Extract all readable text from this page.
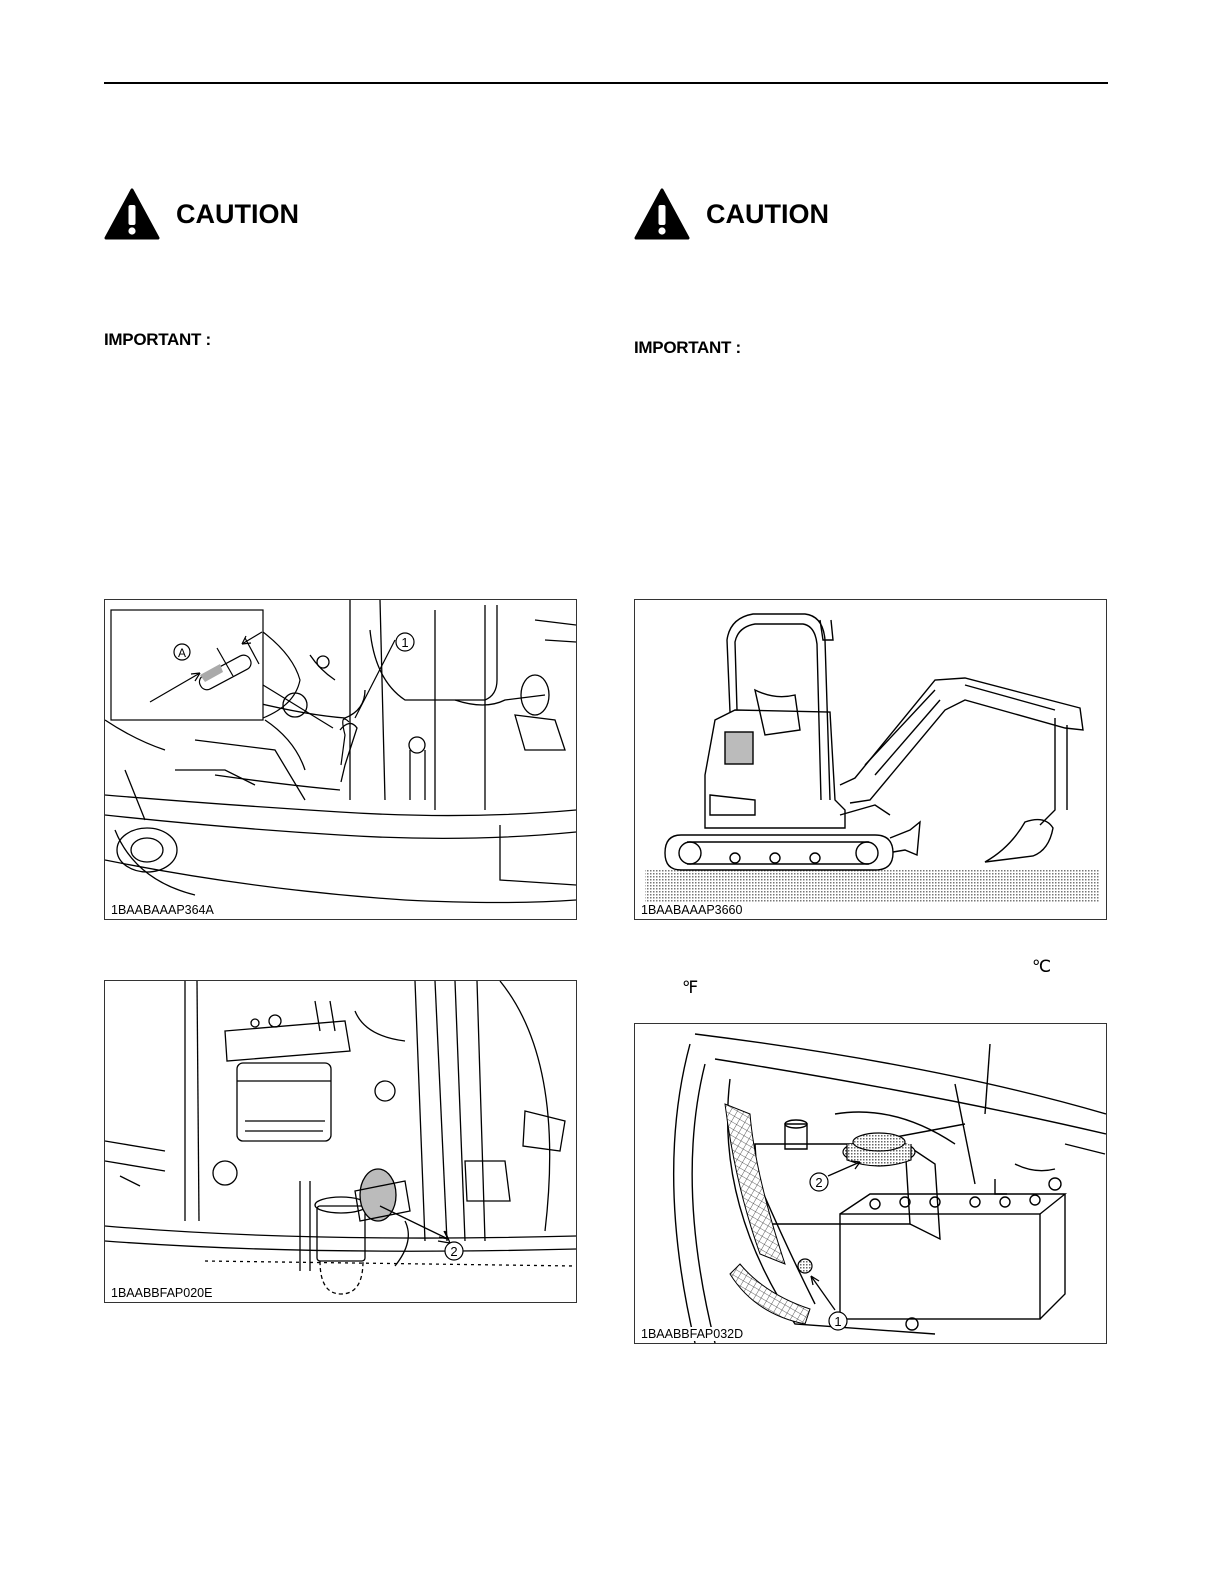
CAUTION
IMPORTANT :
A
1
1BAABAAAP364A
2
1BAABBFAP020E
CAUTION
IMPORTANT :
1BAABAAAP3660
℃
℉
2
1
1BAABBFAP032D
